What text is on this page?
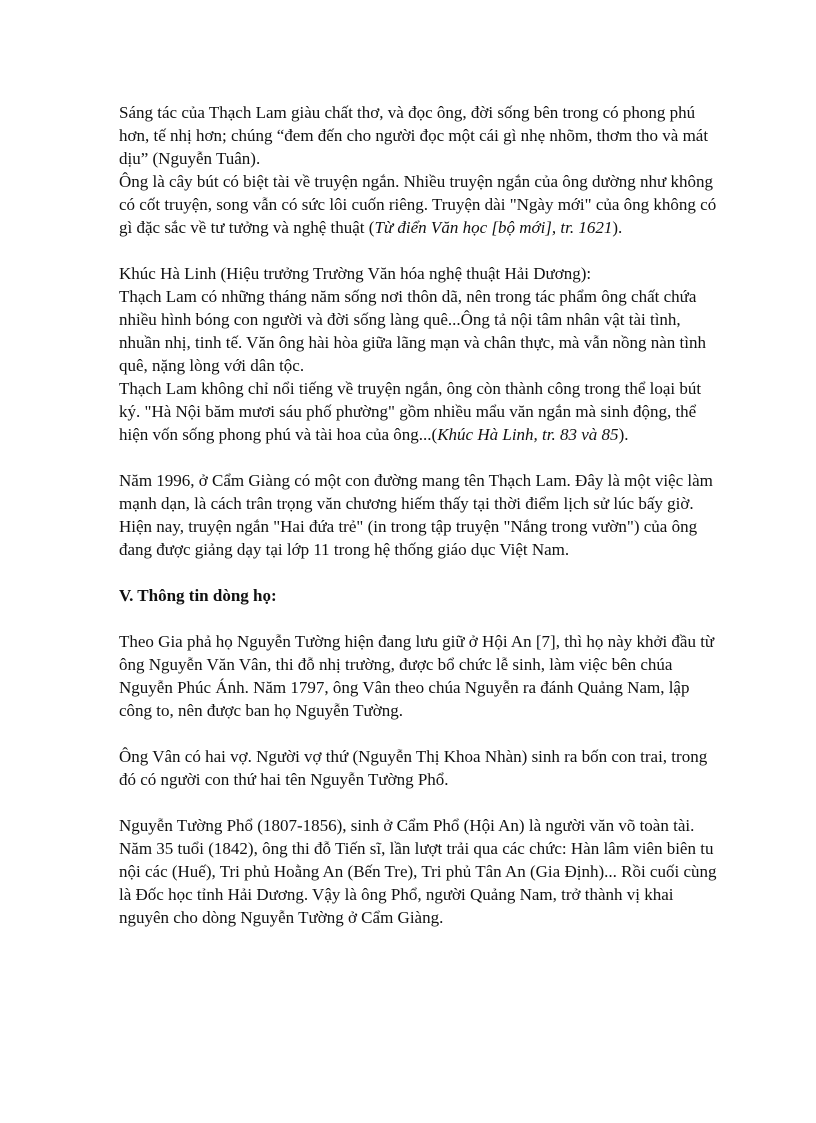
Sáng tác của Thạch Lam giàu chất thơ, và đọc ông, đời sống bên trong có phong phú hơn, tế nhị hơn; chúng “đem đến cho người đọc một cái gì nhẹ nhõm, thơm tho và mát dịu” (Nguyễn Tuân).

Ông là cây bút có biệt tài về truyện ngắn. Nhiều truyện ngắn của ông dường như không có cốt truyện, song vẫn có sức lôi cuốn riêng. Truyện dài "Ngày mới" của ông không có gì đặc sắc về tư tưởng và nghệ thuật (Từ điển Văn học [bộ mới], tr. 1621).

Khúc Hà Linh (Hiệu trưởng Trường Văn hóa nghệ thuật Hải Dương):

Thạch Lam có những tháng năm sống nơi thôn dã, nên trong tác phẩm ông chất chứa nhiều hình bóng con người và đời sống làng quê...Ông tả nội tâm nhân vật tài tình, nhuần nhị, tinh tế. Văn ông hài hòa giữa lãng mạn và chân thực, mà vẫn nồng nàn tình quê, nặng lòng với dân tộc.

Thạch Lam không chỉ nổi tiếng về truyện ngắn, ông còn thành công trong thể loại bút ký. "Hà Nội băm mươi sáu phố phường" gồm nhiều mẩu văn ngắn mà sinh động, thể hiện vốn sống phong phú và tài hoa của ông...(Khúc Hà Linh, tr. 83 và 85).

Năm 1996, ở Cẩm Giàng có một con đường mang tên Thạch Lam. Đây là một việc làm mạnh dạn, là cách trân trọng văn chương hiếm thấy tại thời điểm lịch sử lúc bấy giờ. Hiện nay, truyện ngắn "Hai đứa trẻ" (in trong tập truyện "Nắng trong vườn") của ông đang được giảng dạy tại lớp 11 trong hệ thống giáo dục Việt Nam.

V. Thông tin dòng họ:

Theo Gia phả họ Nguyễn Tường hiện đang lưu giữ ở Hội An [7], thì họ này khởi đầu từ ông Nguyễn Văn Vân, thi đỗ nhị trường, được bổ chức lễ sinh, làm việc bên chúa Nguyễn Phúc Ánh. Năm 1797, ông Vân theo chúa Nguyễn ra đánh Quảng Nam, lập công to, nên được ban họ Nguyễn Tường.

Ông Vân có hai vợ. Người vợ thứ (Nguyễn Thị Khoa Nhàn) sinh ra bốn con trai, trong đó có người con thứ hai tên Nguyễn Tường Phổ.

Nguyễn Tường Phổ (1807-1856), sinh ở Cẩm Phổ (Hội An) là người văn võ toàn tài. Năm 35 tuổi (1842), ông thi đỗ Tiến sĩ, lần lượt trải qua các chức: Hàn lâm viên biên tu nội các (Huế), Tri phủ Hoằng An (Bến Tre), Tri phủ Tân An (Gia Định)... Rồi cuối cùng là Đốc học tỉnh Hải Dương. Vậy là ông Phổ, người Quảng Nam, trở thành vị khai nguyên cho dòng Nguyễn Tường ở Cẩm Giàng.
